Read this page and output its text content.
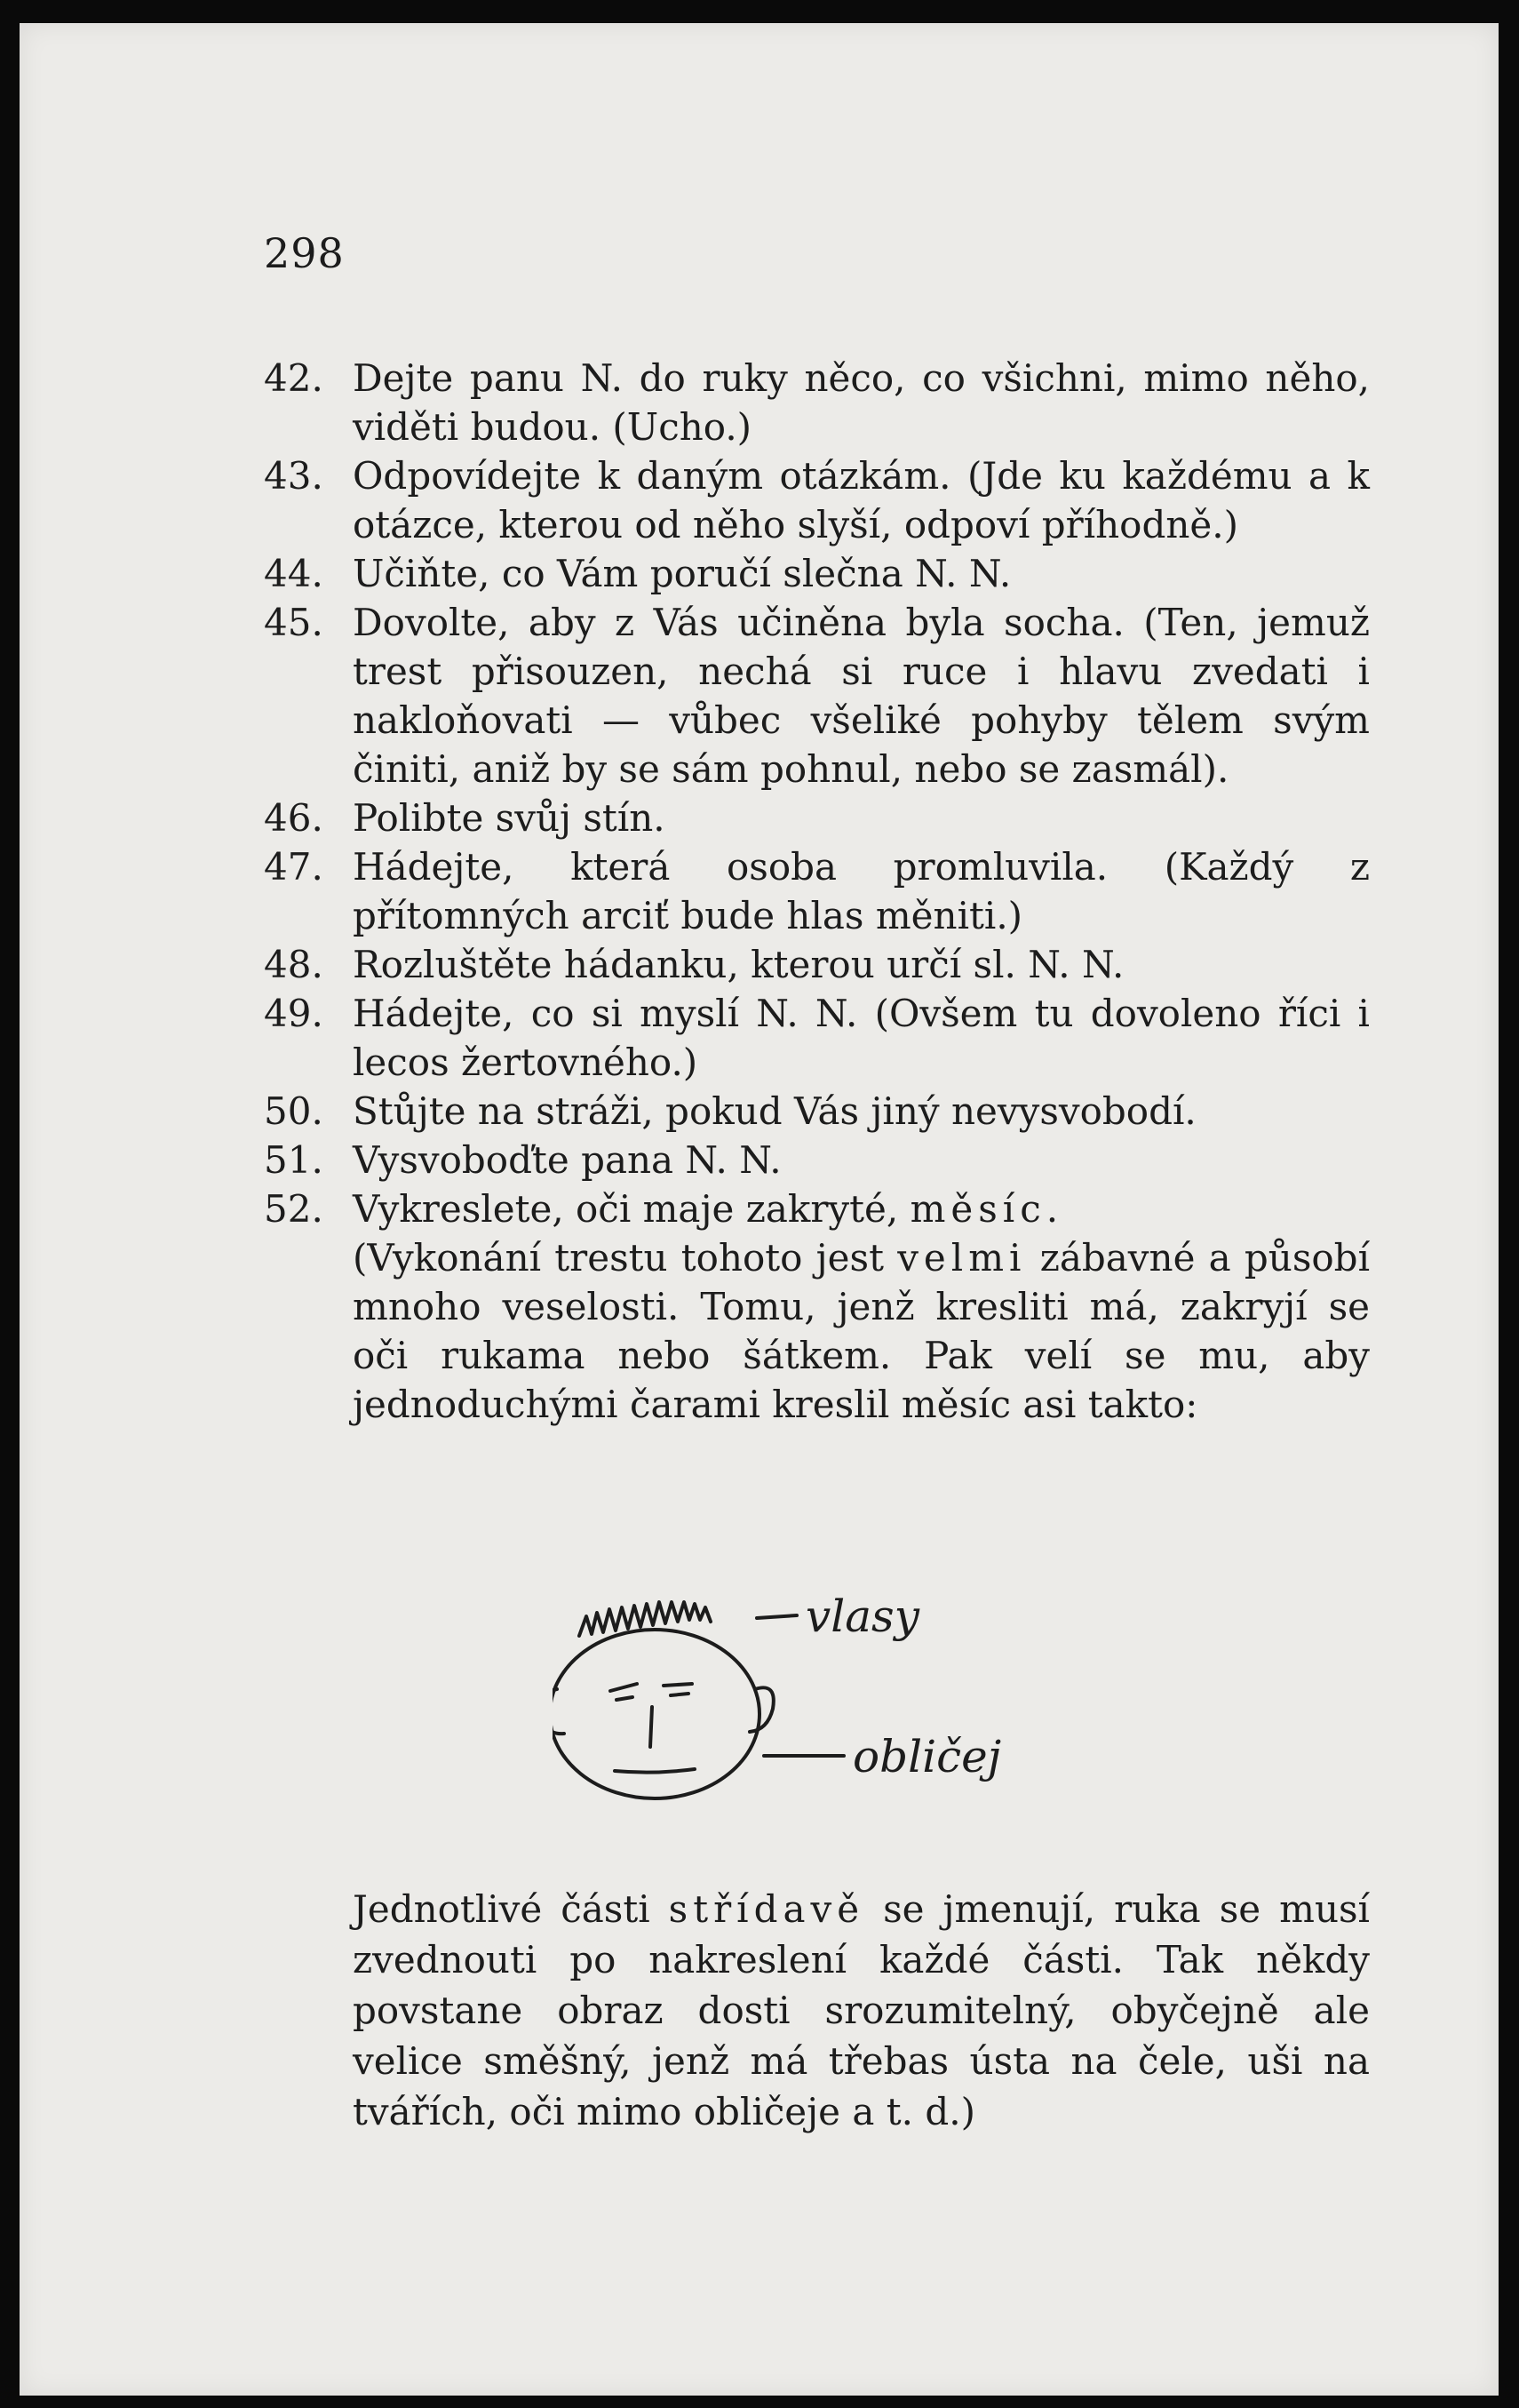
298
42. Dejte panu N. do ruky něco, co všichni, mimo něho, viděti budou. (Ucho.)
43. Odpovídejte k daným otázkám. (Jde ku každému a k otázce, kterou od něho slyší, odpoví příhodně.)
44. Učiňte, co Vám poručí slečna N. N.
45. Dovolte, aby z Vás učiněna byla socha. (Ten, jemuž trest přisouzen, nechá si ruce i hlavu zvedati i nakloňovati — vůbec všeliké pohyby tělem svým činiti, aniž by se sám pohnul, nebo se zasmál).
46. Polibte svůj stín.
47. Hádejte, která osoba promluvila. (Každý z přítomných arciť bude hlas měniti.)
48. Rozluštěte hádanku, kterou určí sl. N. N.
49. Hádejte, co si myslí N. N. (Ovšem tu dovoleno říci i lecos žertovného.)
50. Stůjte na stráži, pokud Vás jiný nevysvobodí.
51. Vysvoboďte pana N. N.
52. Vykreslete, oči maje zakryté, měsíc.
(Vykonání trestu tohoto jest velmi zábavné a působí mnoho veselosti. Tomu, jenž kresliti má, zakryjí se oči rukama nebo šátkem. Pak velí se mu, aby jednoduchými čarami kreslil měsíc asi takto:
vlasy
obličej
Jednotlivé části střídavě se jmenují, ruka se musí zvednouti po nakreslení každé části. Tak někdy povstane obraz dosti srozumitelný, obyčejně ale velice směšný, jenž má třebas ústa na čele, uši na tvářích, oči mimo obličeje a t. d.)
